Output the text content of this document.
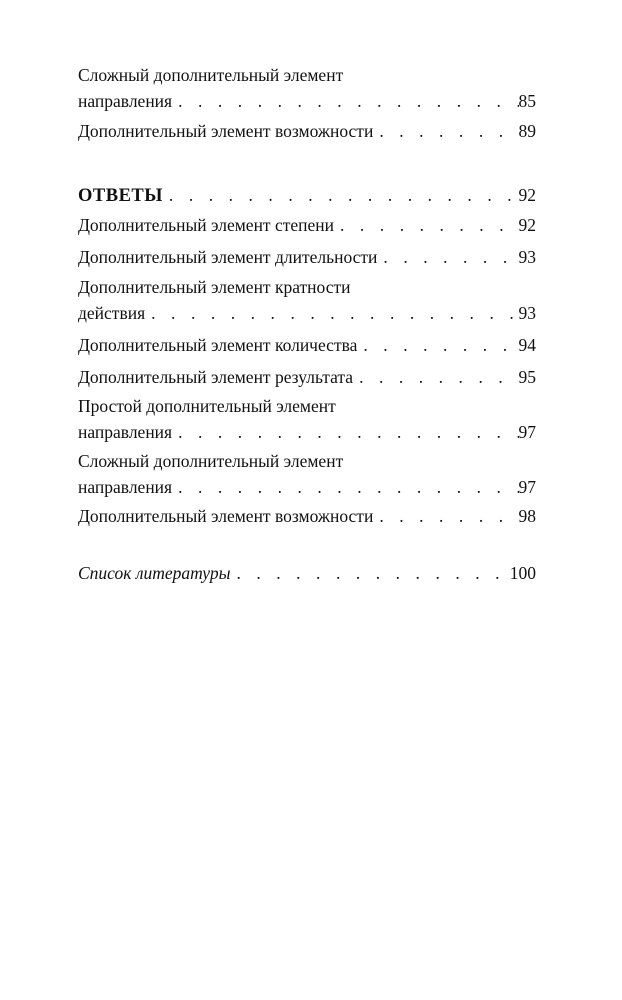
Сложный дополнительный элемент
направления . .	85
Дополнительный элемент возможности . .	89
ОТВЕТЫ . .	92
Дополнительный элемент степени . .	92
Дополнительный элемент длительности . .	93
Дополнительный элемент кратности
действия . .	93
Дополнительный элемент количества . .	94
Дополнительный элемент результата . .	95
Простой дополнительный элемент
направления . .	97
Сложный дополнительный элемент
направления . .	97
Дополнительный элемент возможности . .	98
Список литературы . .	100
